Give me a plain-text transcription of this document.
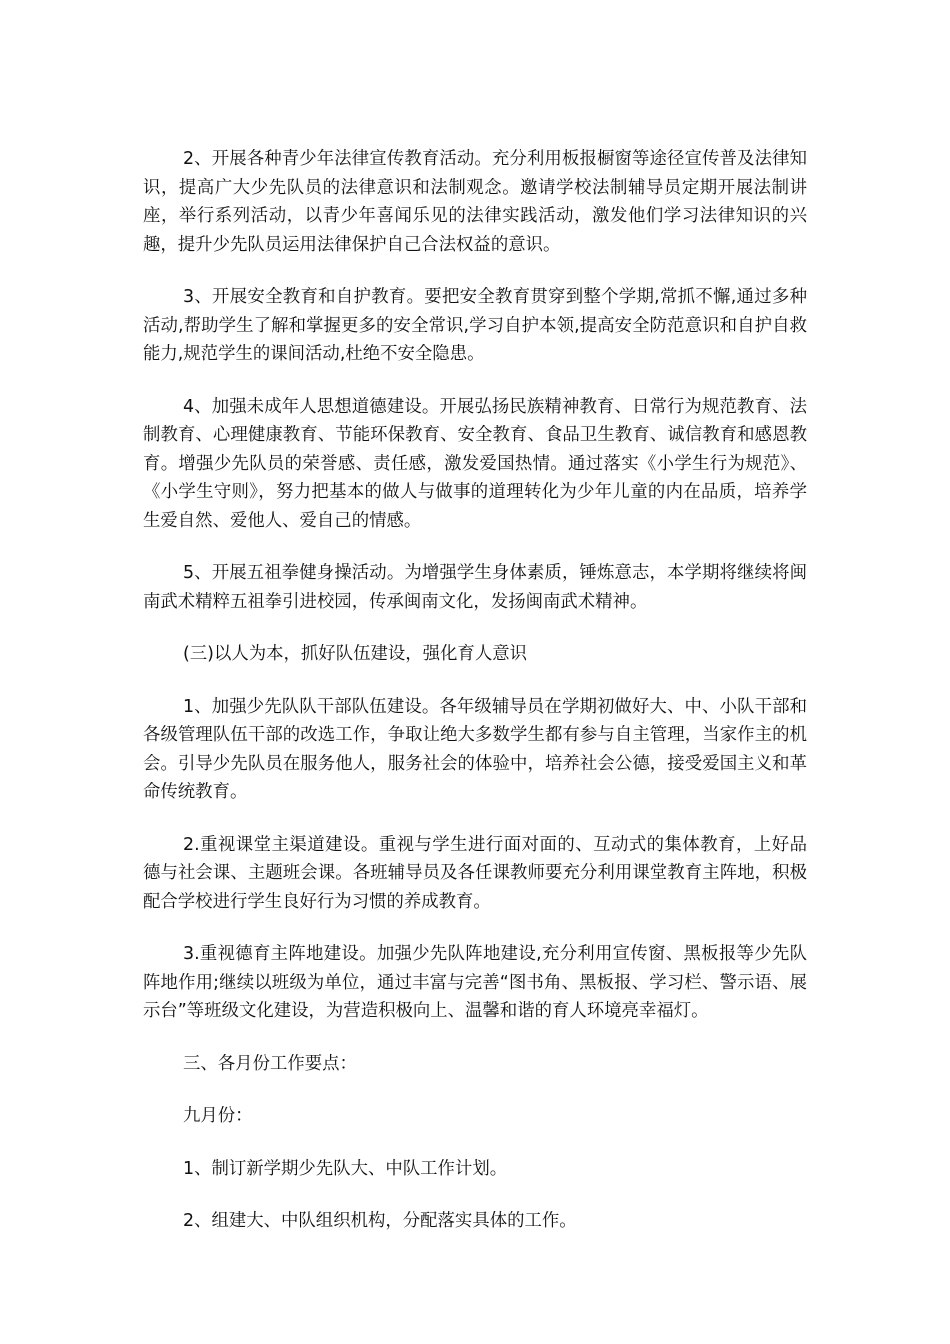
2、开展各种青少年法律宣传教育活动。充分利用板报橱窗等途径宣传普及法律知识，提高广大少先队员的法律意识和法制观念。邀请学校法制辅导员定期开展法制讲座，举行系列活动，以青少年喜闻乐见的法律实践活动，激发他们学习法律知识的兴趣，提升少先队员运用法律保护自己合法权益的意识。

3、开展安全教育和自护教育。要把安全教育贯穿到整个学期,常抓不懈,通过多种活动,帮助学生了解和掌握更多的安全常识,学习自护本领,提高安全防范意识和自护自救能力,规范学生的课间活动,杜绝不安全隐患。

4、加强未成年人思想道德建设。开展弘扬民族精神教育、日常行为规范教育、法制教育、心理健康教育、节能环保教育、安全教育、食品卫生教育、诚信教育和感恩教育。增强少先队员的荣誉感、责任感，激发爱国热情。通过落实《小学生行为规范》、《小学生守则》，努力把基本的做人与做事的道理转化为少年儿童的内在品质，培养学生爱自然、爱他人、爱自己的情感。

5、开展五祖拳健身操活动。为增强学生身体素质，锤炼意志，本学期将继续将闽南武术精粹五祖拳引进校园，传承闽南文化，发扬闽南武术精神。

(三)以人为本，抓好队伍建设，强化育人意识

1、加强少先队队干部队伍建设。各年级辅导员在学期初做好大、中、小队干部和各级管理队伍干部的改选工作，争取让绝大多数学生都有参与自主管理，当家作主的机会。引导少先队员在服务他人，服务社会的体验中，培养社会公德，接受爱国主义和革命传统教育。

2.重视课堂主渠道建设。重视与学生进行面对面的、互动式的集体教育，上好品德与社会课、主题班会课。各班辅导员及各任课教师要充分利用课堂教育主阵地，积极配合学校进行学生良好行为习惯的养成教育。

3.重视德育主阵地建设。加强少先队阵地建设,充分利用宣传窗、黑板报等少先队阵地作用;继续以班级为单位，通过丰富与完善“图书角、黑板报、学习栏、警示语、展示台”等班级文化建设，为营造积极向上、温馨和谐的育人环境亮幸福灯。

三、各月份工作要点：

九月份：

1、制订新学期少先队大、中队工作计划。

2、组建大、中队组织机构，分配落实具体的工作。
